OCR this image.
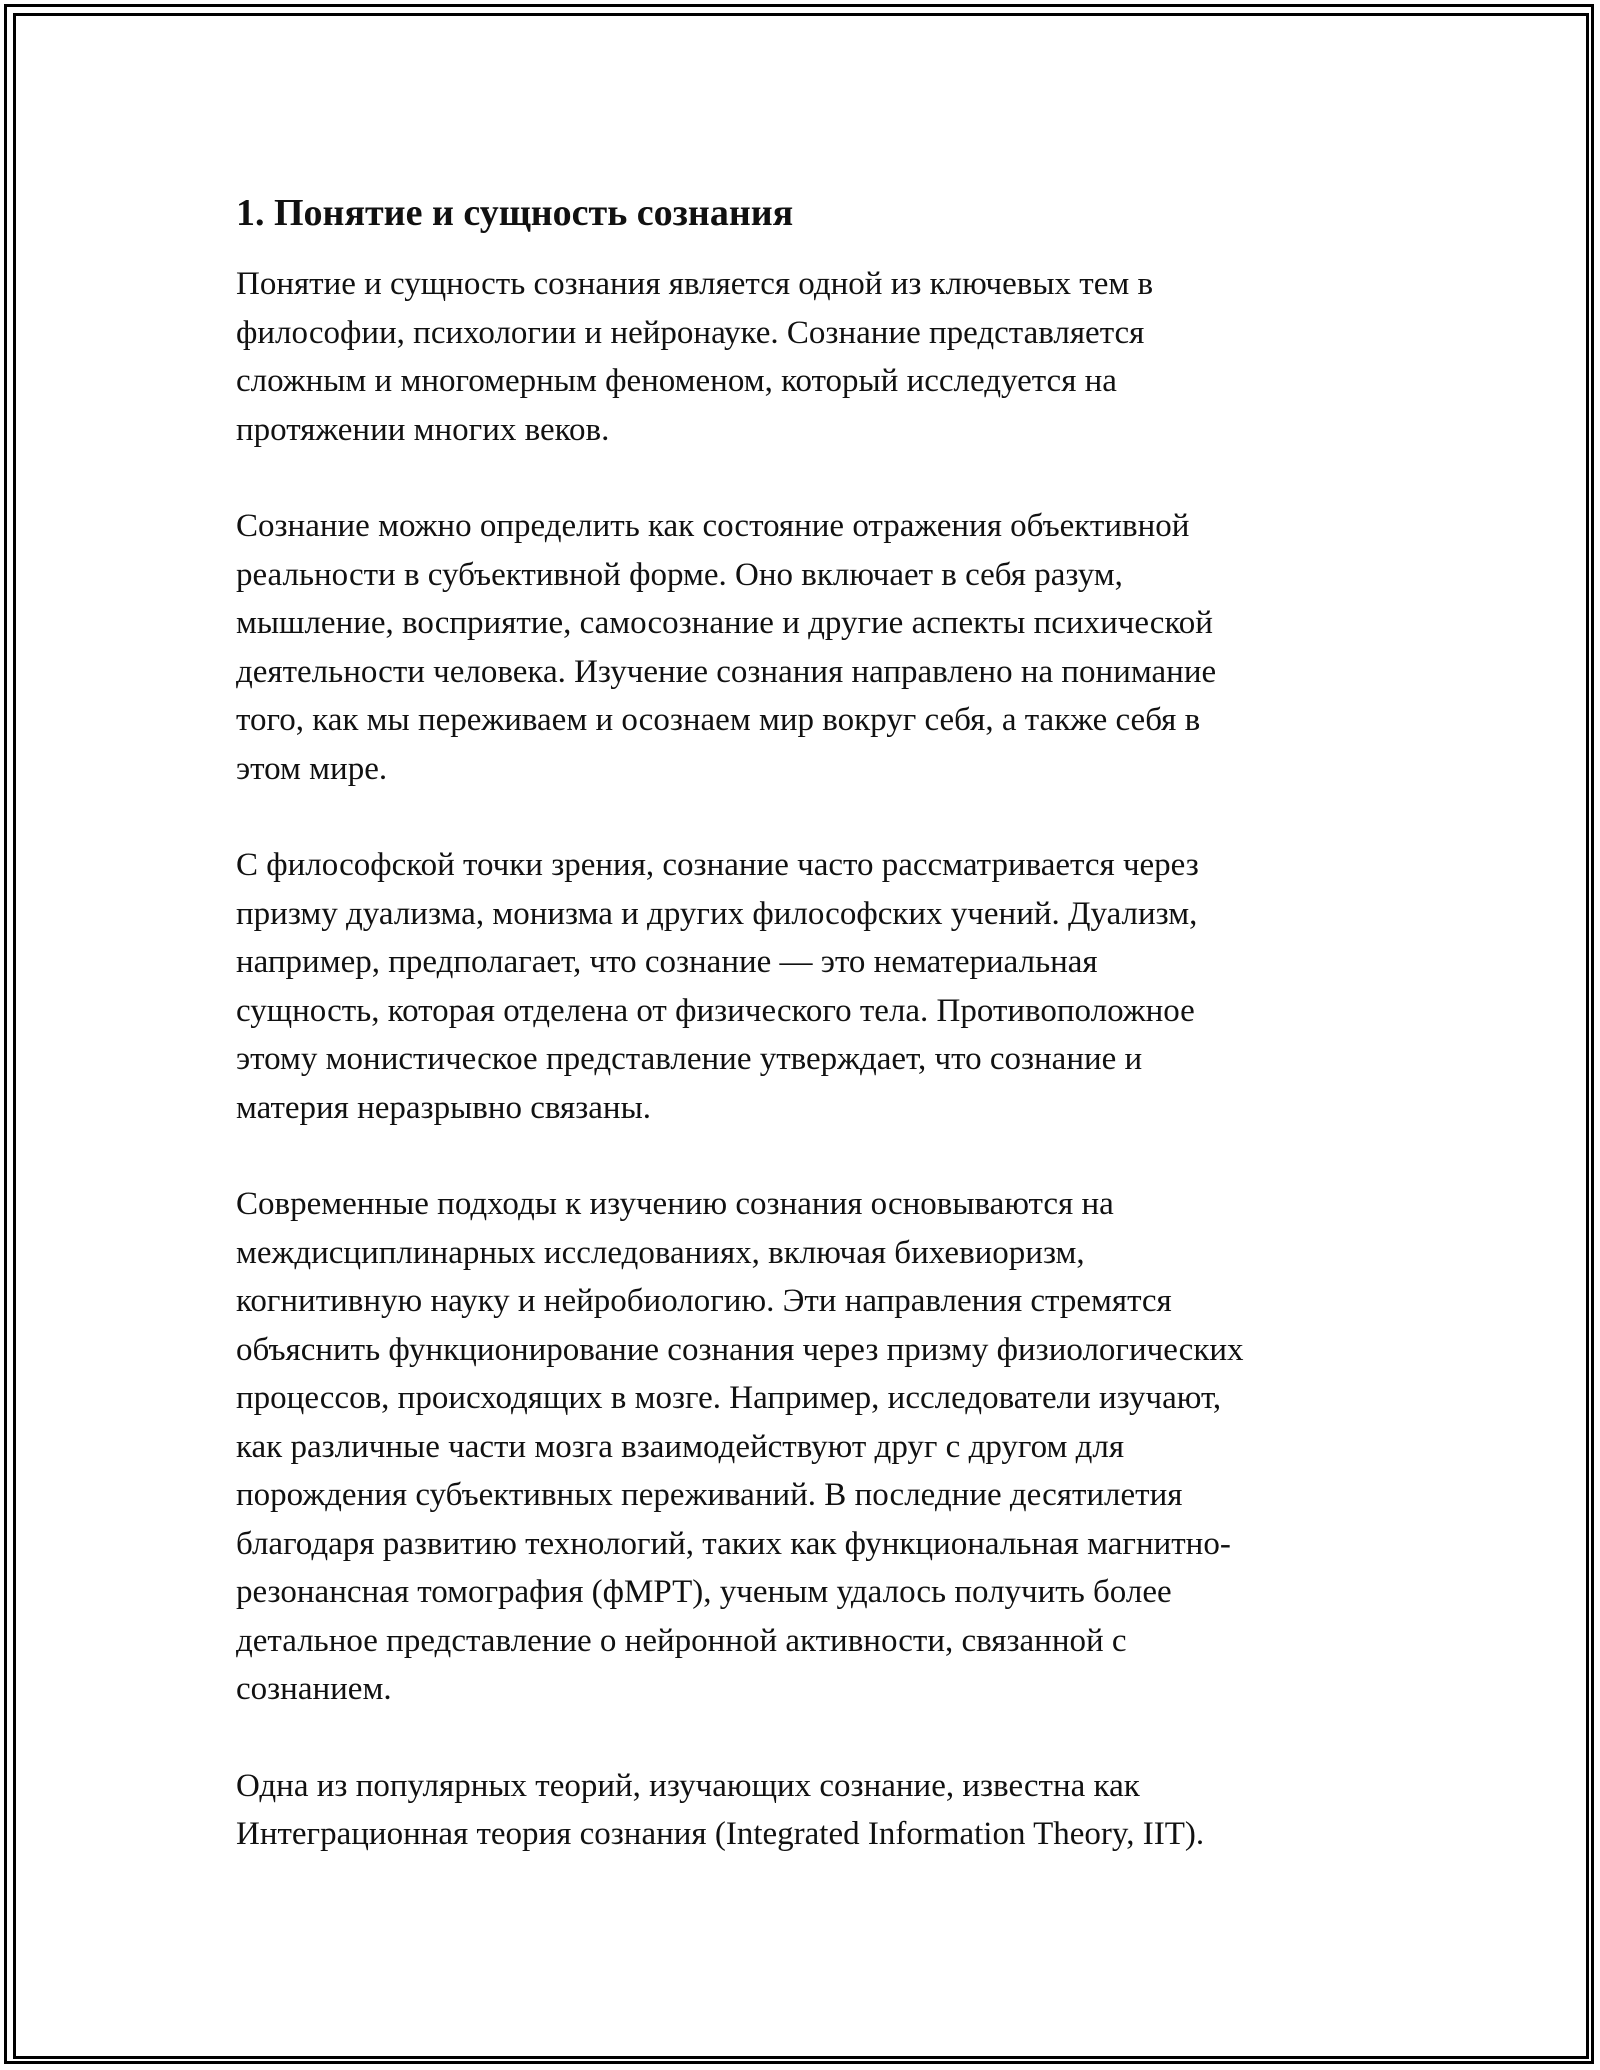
1. Понятие и сущность сознания

Понятие и сущность сознания является одной из ключевых тем в
философии, психологии и нейронауке. Сознание представляется
сложным и многомерным феноменом, который исследуется на
протяжении многих веков.

Сознание можно определить как состояние отражения объективной
реальности в субъективной форме. Оно включает в себя разум,
мышление, восприятие, самосознание и другие аспекты психической
деятельности человека. Изучение сознания направлено на понимание
того, как мы переживаем и осознаем мир вокруг себя, а также себя в
этом мире.

С философской точки зрения, сознание часто рассматривается через
призму дуализма, монизма и других философских учений. Дуализм,
например, предполагает, что сознание — это нематериальная
сущность, которая отделена от физического тела. Противоположное
этому монистическое представление утверждает, что сознание и
материя неразрывно связаны.

Современные подходы к изучению сознания основываются на
междисциплинарных исследованиях, включая бихевиоризм,
когнитивную науку и нейробиологию. Эти направления стремятся
объяснить функционирование сознания через призму физиологических
процессов, происходящих в мозге. Например, исследователи изучают,
как различные части мозга взаимодействуют друг с другом для
порождения субъективных переживаний. В последние десятилетия
благодаря развитию технологий, таких как функциональная магнитно-
резонансная томография (фМРТ), ученым удалось получить более
детальное представление о нейронной активности, связанной с
сознанием.

Одна из популярных теорий, изучающих сознание, известна как
Интеграционная теория сознания (Integrated Information Theory, IIT).
